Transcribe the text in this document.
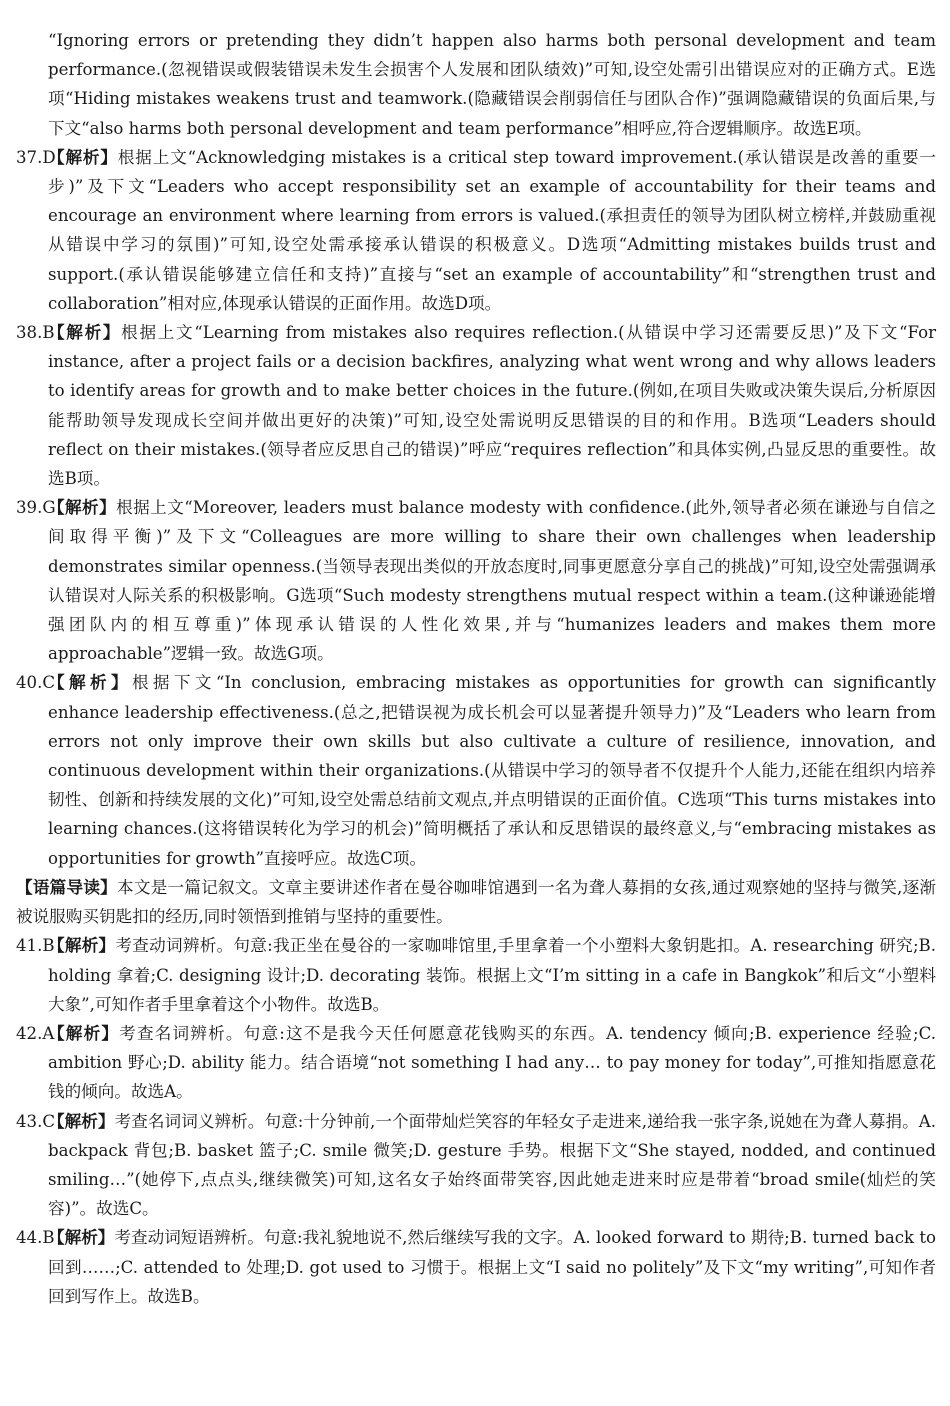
“Ignoring errors or pretending they didn’t happen also harms both personal development and team performance.(忽视错误或假装错误未发生会损害个人发展和团队绩效)”可知,设空处需引出错误应对的正确方式。E选项“Hiding mistakes weakens trust and teamwork.(隐藏错误会削弱信任与团队合作)”强调隐藏错误的负面后果,与下文“also harms both personal development and team performance”相呼应,符合逻辑顺序。故选E项。

37.D
【解析】根据上文“Acknowledging mistakes is a critical step toward improvement.(承认错误是改善的重要一步)”及下文“Leaders who accept responsibility set an example of accountability for their teams and encourage an environment where learning from errors is valued.(承担责任的领导为团队树立榜样,并鼓励重视从错误中学习的氛围)”可知,设空处需承接承认错误的积极意义。D选项“Admitting mistakes builds trust and support.(承认错误能够建立信任和支持)”直接与“set an example of accountability”和“strengthen trust and collaboration”相对应,体现承认错误的正面作用。故选D项。
38.B
【解析】根据上文“Learning from mistakes also requires reflection.(从错误中学习还需要反思)”及下文“For instance, after a project fails or a decision backfires, analyzing what went wrong and why allows leaders to identify areas for growth and to make better choices in the future.(例如,在项目失败或决策失误后,分析原因能帮助领导发现成长空间并做出更好的决策)”可知,设空处需说明反思错误的目的和作用。B选项“Leaders should reflect on their mistakes.(领导者应反思自己的错误)”呼应“requires reflection”和具体实例,凸显反思的重要性。故选B项。
39.G
【解析】根据上文“Moreover, leaders must balance modesty with confidence.(此外,领导者必须在谦逊与自信之间取得平衡)”及下文“Colleagues are more willing to share their own challenges when leadership demonstrates similar openness.(当领导表现出类似的开放态度时,同事更愿意分享自己的挑战)”可知,设空处需强调承认错误对人际关系的积极影响。G选项“Such modesty strengthens mutual respect within a team.(这种谦逊能增强团队内的相互尊重)”体现承认错误的人性化效果,并与“humanizes leaders and makes them more approachable”逻辑一致。故选G项。
40.C
【解析】根据下文“In conclusion, embracing mistakes as opportunities for growth can significantly enhance leadership effectiveness.(总之,把错误视为成长机会可以显著提升领导力)”及“Leaders who learn from errors not only improve their own skills but also cultivate a culture of resilience, innovation, and continuous development within their organizations.(从错误中学习的领导者不仅提升个人能力,还能在组织内培养韧性、创新和持续发展的文化)”可知,设空处需总结前文观点,并点明错误的正面价值。C选项“This turns mistakes into learning chances.(这将错误转化为学习的机会)”简明概括了承认和反思错误的最终意义,与“embracing mistakes as opportunities for growth”直接呼应。故选C项。

【语篇导读】本文是一篇记叙文。文章主要讲述作者在曼谷咖啡馆遇到一名为聋人募捐的女孩,通过观察她的坚持与微笑,逐渐被说服购买钥匙扣的经历,同时领悟到推销与坚持的重要性。

41.B
【解析】考查动词辨析。句意:我正坐在曼谷的一家咖啡馆里,手里拿着一个小塑料大象钥匙扣。A. researching 研究;B. holding 拿着;C. designing 设计;D. decorating 装饰。根据上文“I’m sitting in a cafe in Bangkok”和后文“小塑料大象”,可知作者手里拿着这个小物件。故选B。
42.A
【解析】考查名词辨析。句意:这不是我今天任何愿意花钱购买的东西。A. tendency 倾向;B. experience 经验;C. ambition 野心;D. ability 能力。结合语境“not something I had any… to pay money for today”,可推知指愿意花钱的倾向。故选A。
43.C
【解析】考查名词词义辨析。句意:十分钟前,一个面带灿烂笑容的年轻女子走进来,递给我一张字条,说她在为聋人募捐。A. backpack 背包;B. basket 篮子;C. smile 微笑;D. gesture 手势。根据下文“She stayed, nodded, and continued smiling…”(她停下,点点头,继续微笑)可知,这名女子始终面带笑容,因此她走进来时应是带着“broad smile(灿烂的笑容)”。故选C。
44.B
【解析】考查动词短语辨析。句意:我礼貌地说不,然后继续写我的文字。A. looked forward to 期待;B. turned back to 回到……;C. attended to 处理;D. got used to 习惯于。根据上文“I said no politely”及下文“my writing”,可知作者回到写作上。故选B。
